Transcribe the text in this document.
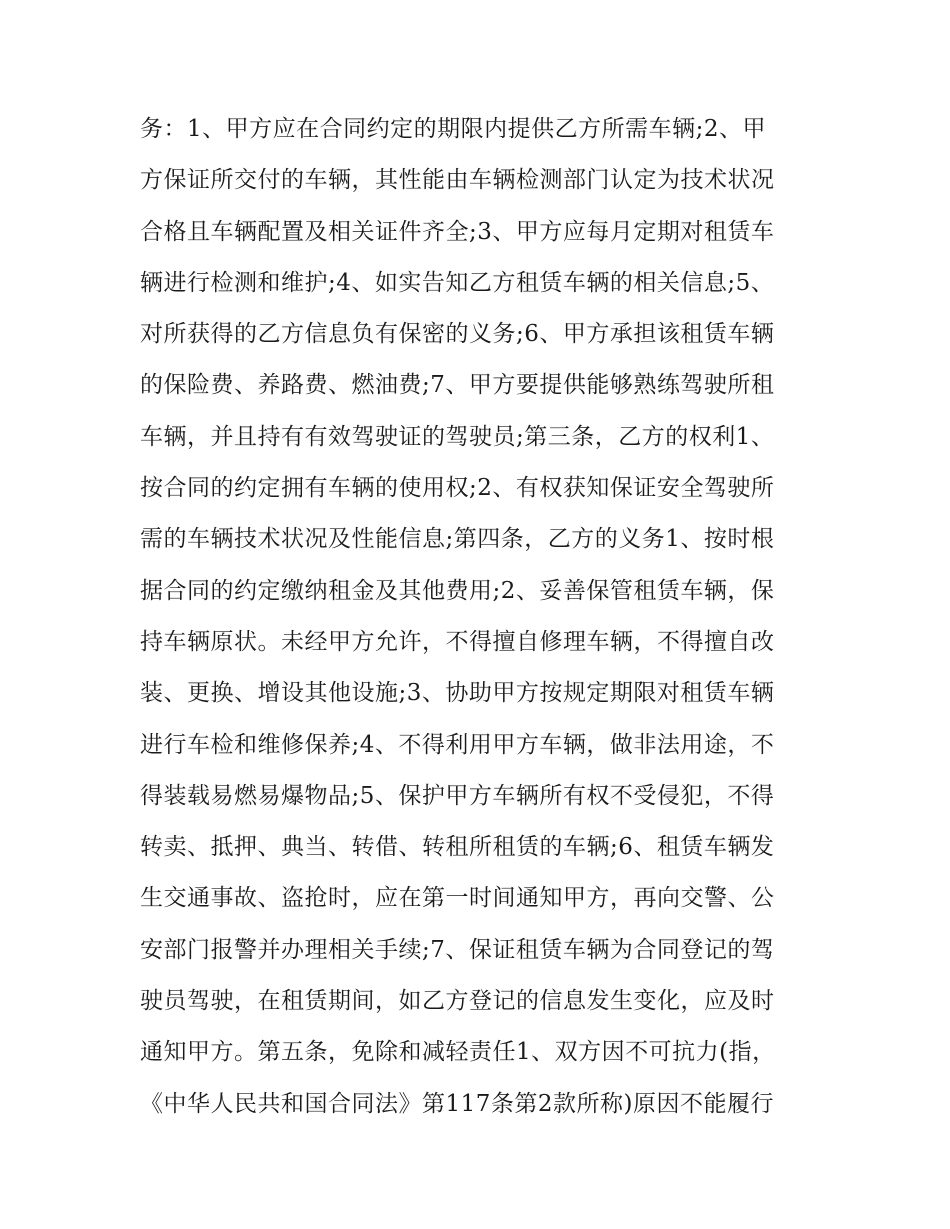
务：1、甲方应在合同约定的期限内提供乙方所需车辆;2、甲
方保证所交付的车辆，其性能由车辆检测部门认定为技术状况
合格且车辆配置及相关证件齐全;3、甲方应每月定期对租赁车
辆进行检测和维护;4、如实告知乙方租赁车辆的相关信息;5、
对所获得的乙方信息负有保密的义务;6、甲方承担该租赁车辆
的保险费、养路费、燃油费;7、甲方要提供能够熟练驾驶所租
车辆，并且持有有效驾驶证的驾驶员;第三条，乙方的权利1、
按合同的约定拥有车辆的使用权;2、有权获知保证安全驾驶所
需的车辆技术状况及性能信息;第四条，乙方的义务1、按时根
据合同的约定缴纳租金及其他费用;2、妥善保管租赁车辆，保
持车辆原状。未经甲方允许，不得擅自修理车辆，不得擅自改
装、更换、增设其他设施;3、协助甲方按规定期限对租赁车辆
进行车检和维修保养;4、不得利用甲方车辆，做非法用途，不
得装载易燃易爆物品;5、保护甲方车辆所有权不受侵犯，不得
转卖、抵押、典当、转借、转租所租赁的车辆;6、租赁车辆发
生交通事故、盗抢时，应在第一时间通知甲方，再向交警、公
安部门报警并办理相关手续;7、保证租赁车辆为合同登记的驾
驶员驾驶，在租赁期间，如乙方登记的信息发生变化，应及时
通知甲方。第五条，免除和减轻责任1、双方因不可抗力(指，
《中华人民共和国合同法》第117条第2款所称)原因不能履行
